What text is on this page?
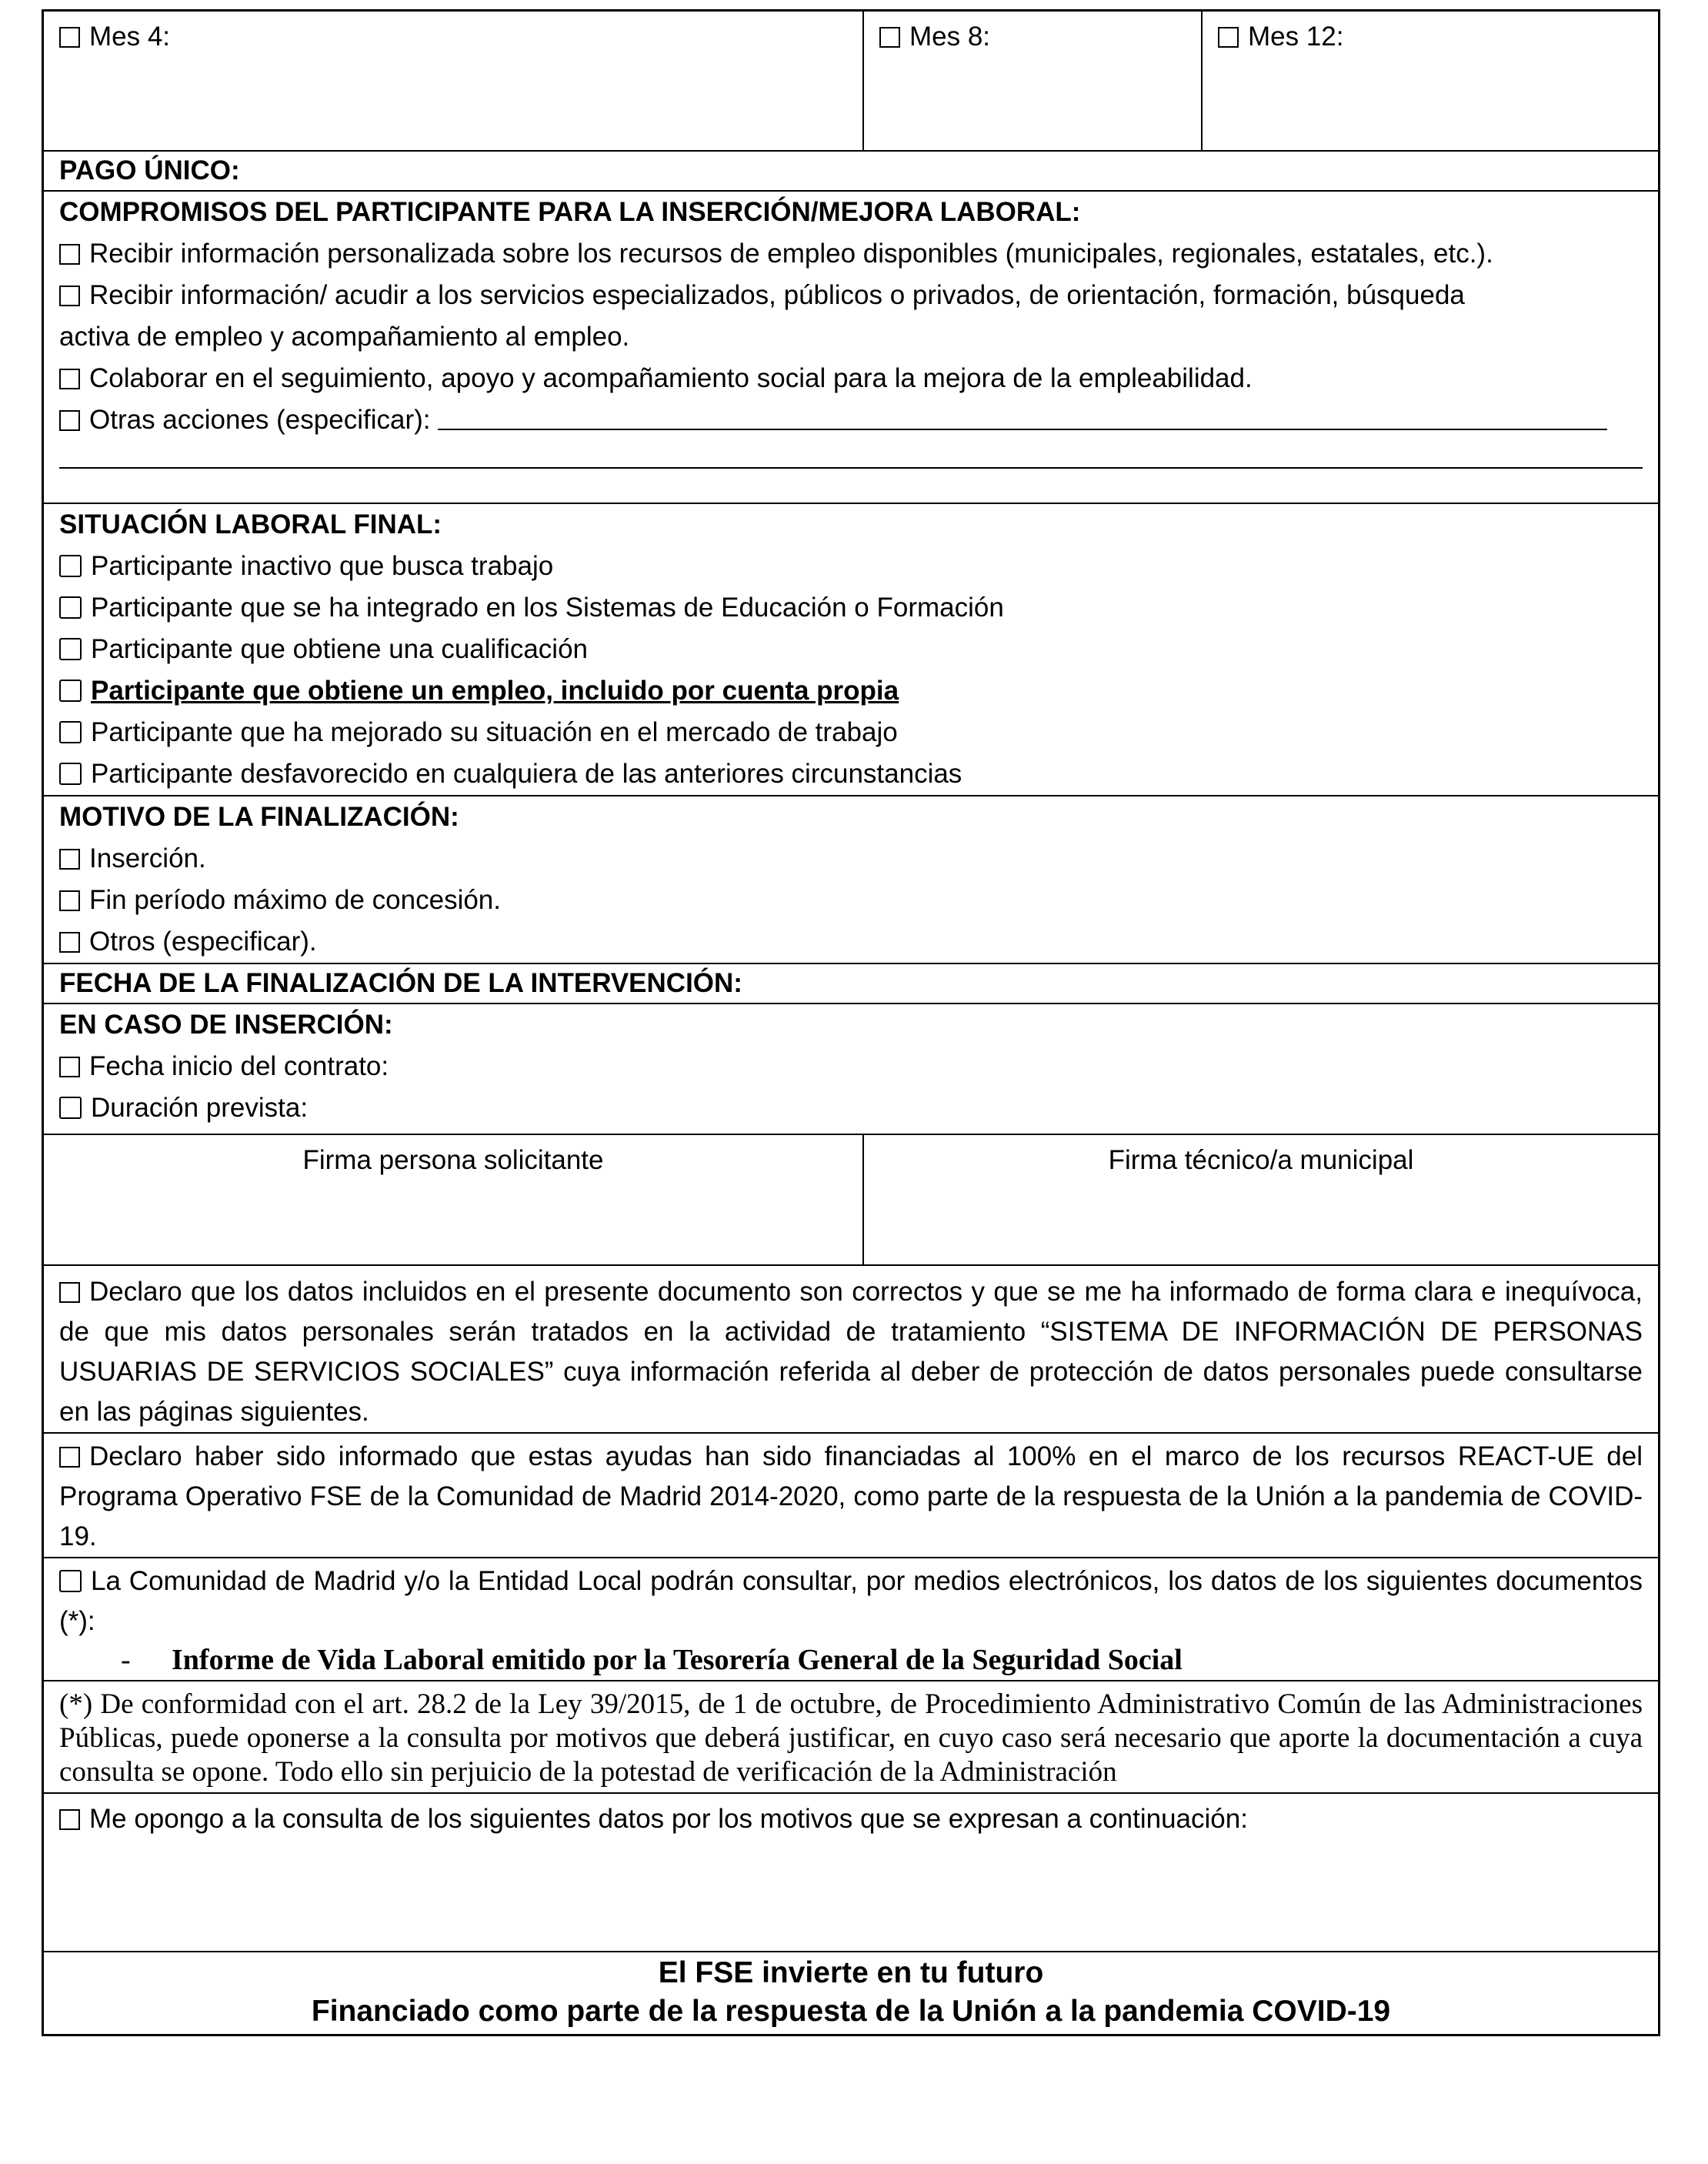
Mes 4:	Mes 8:	Mes 12:
PAGO ÚNICO:
COMPROMISOS DEL PARTICIPANTE PARA LA INSERCIÓN/MEJORA LABORAL:
Recibir información personalizada sobre los recursos de empleo disponibles (municipales, regionales, estatales, etc.).
Recibir información/ acudir a los servicios especializados, públicos o privados, de orientación, formación, búsqueda
activa de empleo y acompañamiento al empleo.
Colaborar en el seguimiento, apoyo y acompañamiento social para la mejora de la empleabilidad.
Otras acciones (especificar):
SITUACIÓN LABORAL FINAL:
Participante inactivo que busca trabajo
Participante que se ha integrado en los Sistemas de Educación o Formación
Participante que obtiene una cualificación
Participante que obtiene un empleo, incluido por cuenta propia
Participante que ha mejorado su situación en el mercado de trabajo
Participante desfavorecido en cualquiera de las anteriores circunstancias
MOTIVO DE LA FINALIZACIÓN:
Inserción.
Fin período máximo de concesión.
Otros (especificar).
FECHA DE LA FINALIZACIÓN DE LA INTERVENCIÓN:
EN CASO DE INSERCIÓN:
Fecha inicio del contrato:
Duración prevista:
Firma persona solicitante	Firma técnico/a municipal
Declaro que los datos incluidos en el presente documento son correctos y que se me ha informado de forma clara e inequívoca, de que mis datos personales serán tratados en la actividad de tratamiento “SISTEMA DE INFORMACIÓN DE PERSONAS USUARIAS DE SERVICIOS SOCIALES” cuya información referida al deber de protección de datos personales puede consultarse en las páginas siguientes.
Declaro haber sido informado que estas ayudas han sido financiadas al 100% en el marco de los recursos REACT-UE del Programa Operativo FSE de la Comunidad de Madrid 2014-2020, como parte de la respuesta de la Unión a la pandemia de COVID-19.
La Comunidad de Madrid y/o la Entidad Local podrán consultar, por medios electrónicos, los datos de los siguientes documentos (*):
- Informe de Vida Laboral emitido por la Tesorería General de la Seguridad Social
(*) De conformidad con el art. 28.2 de la Ley 39/2015, de 1 de octubre, de Procedimiento Administrativo Común de las Administraciones Públicas, puede oponerse a la consulta por motivos que deberá justificar, en cuyo caso será necesario que aporte la documentación a cuya consulta se opone. Todo ello sin perjuicio de la potestad de verificación de la Administración
Me opongo a la consulta de los siguientes datos por los motivos que se expresan a continuación:
El FSE invierte en tu futuro
Financiado como parte de la respuesta de la Unión a la pandemia COVID-19
